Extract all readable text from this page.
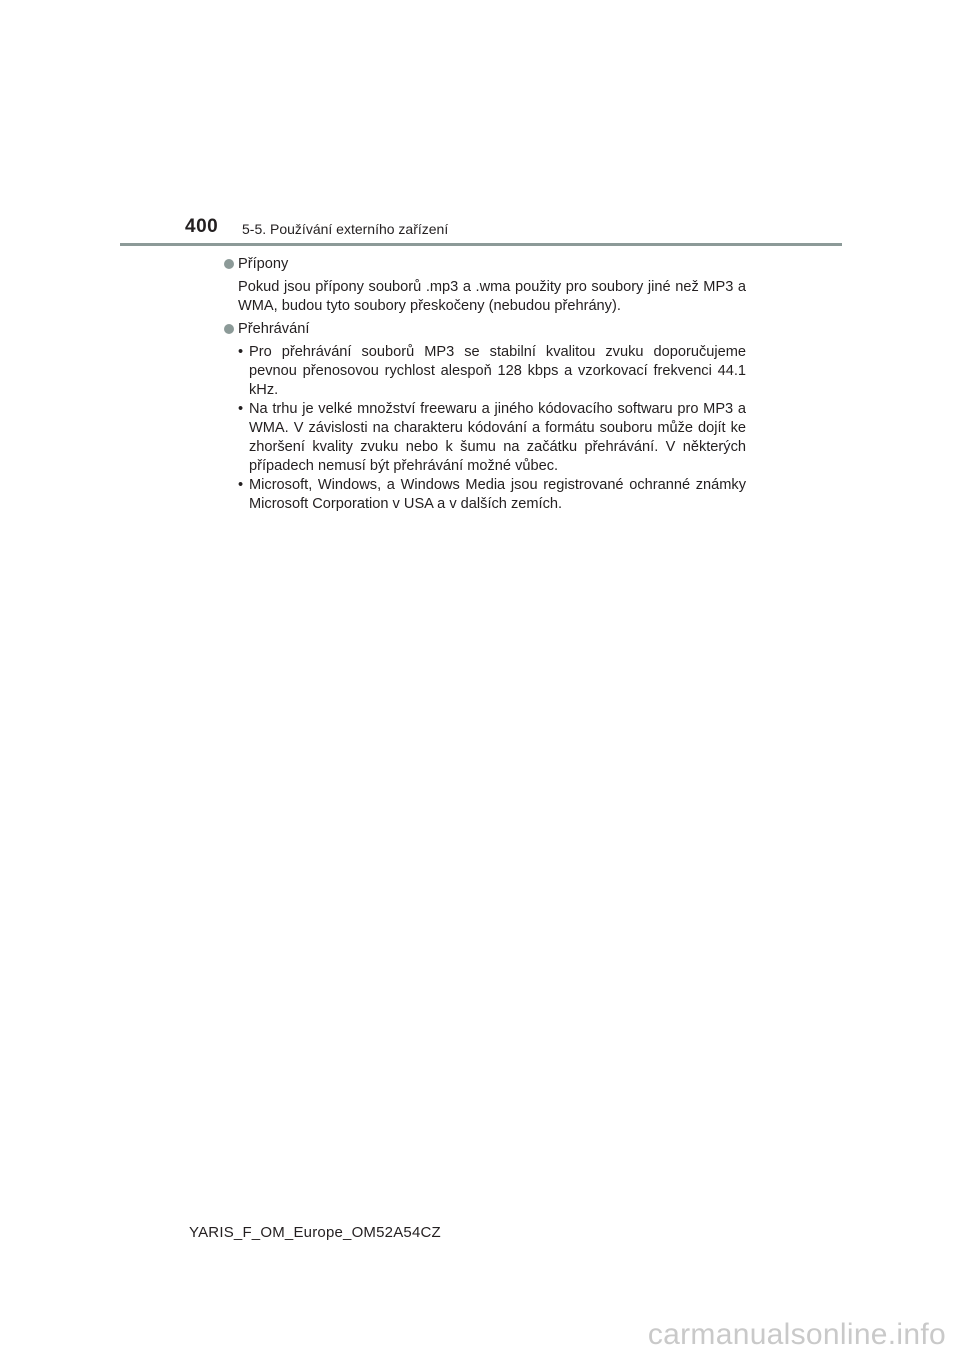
400 5-5. Používání externího zařízení
Přípony
Pokud jsou přípony souborů .mp3 a .wma použity pro soubory jiné než MP3 a WMA, budou tyto soubory přeskočeny (nebudou přehrány).
Přehrávání
• Pro přehrávání souborů MP3 se stabilní kvalitou zvuku doporučujeme pevnou přenosovou rychlost alespoň 128 kbps a vzorkovací frekvenci 44.1 kHz.
• Na trhu je velké množství freewaru a jiného kódovacího softwaru pro MP3 a WMA. V závislosti na charakteru kódování a formátu souboru může dojít ke zhoršení kvality zvuku nebo k šumu na začátku přehrávání. V některých případech nemusí být přehrávání možné vůbec.
• Microsoft, Windows, a Windows Media jsou registrované ochranné známky Microsoft Corporation v USA a v dalších zemích.
YARIS_F_OM_Europe_OM52A54CZ
carmanualsonline.info
